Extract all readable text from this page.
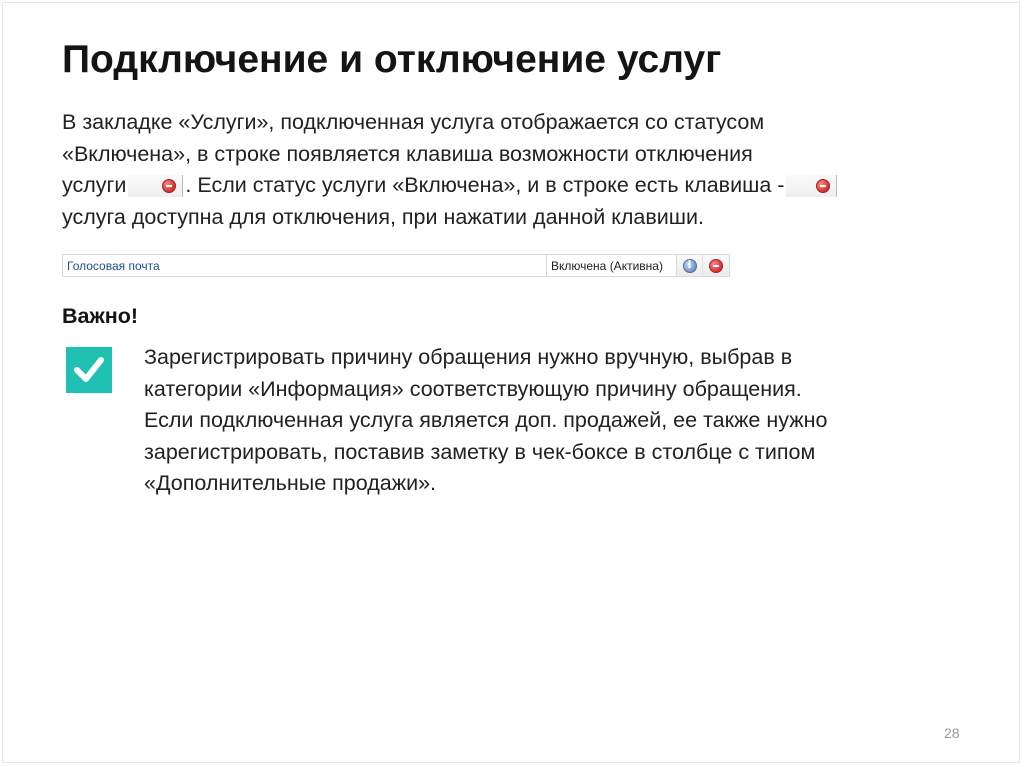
Подключение и отключение услуг
В закладке «Услуги», подключенная услуга отображается со статусом
«Включена», в строке появляется клавиша возможности отключения
услуги	. Если статус услуги «Включена», и в строке есть клавиша -
услуга доступна для отключения, при нажатии данной клавиши.
Голосовая почта	Включена (Активна)	i
Важно!
Зарегистрировать причину обращения нужно вручную, выбрав в
категории «Информация» соответствующую причину обращения.
Если подключенная услуга является доп. продажей, ее также нужно
зарегистрировать, поставив заметку в чек-боксе в столбце с типом
«Дополнительные продажи».
28
